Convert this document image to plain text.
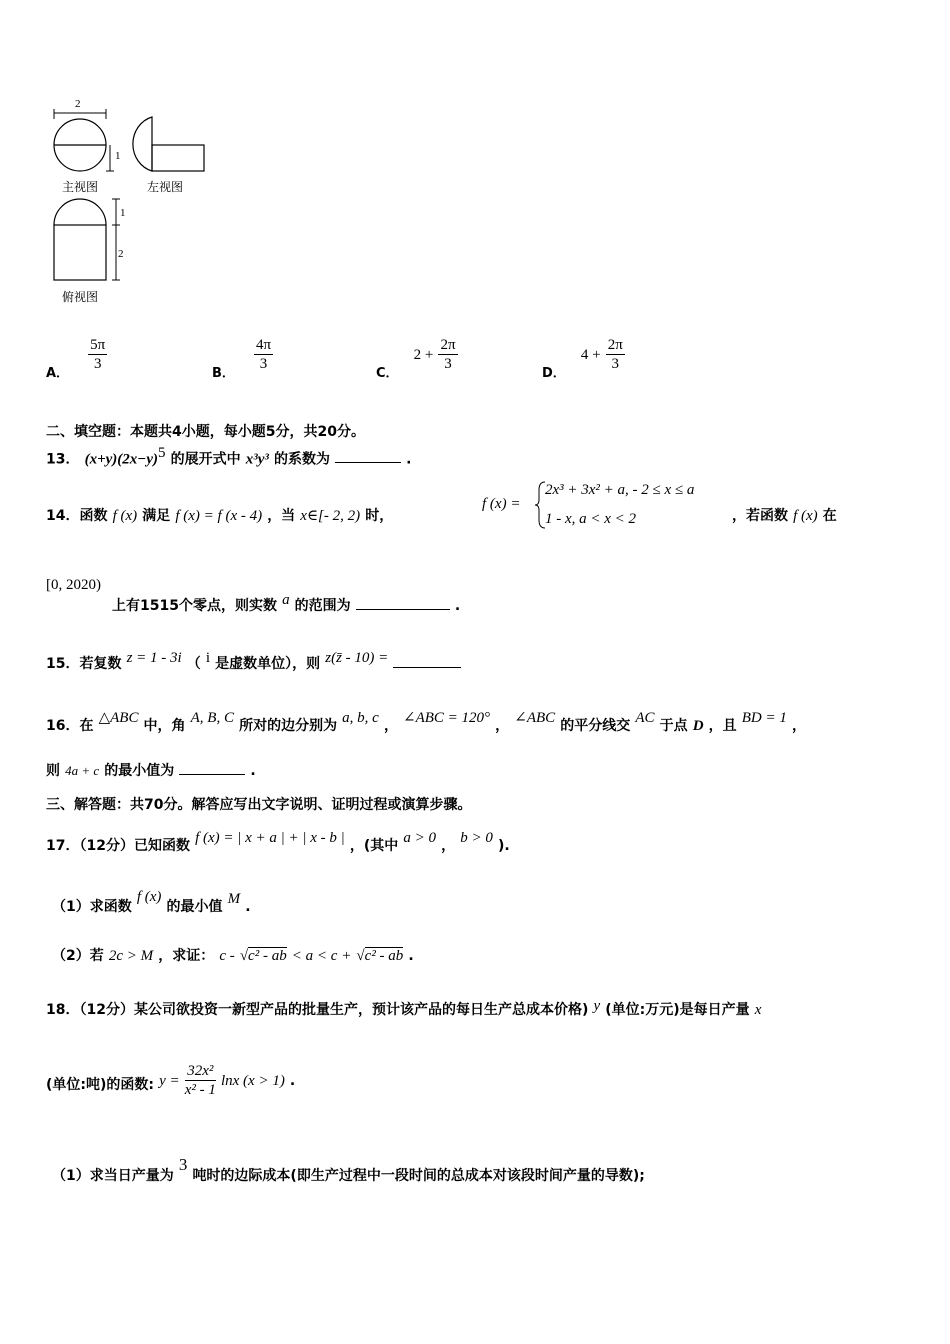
2
1
1
2
主视图	左视图
俯视图
$_{A.}$
$\frac{5\pi}{3}$
$_{B.}$
$\frac{4\pi}{3}$
$_{C.}$ $2 + \frac{2\pi}{3}$
$_{D.}$ $4 + \frac{2\pi}{3}$
二、填空题：本题共4小题，每小题5分，共20分。
13． $(x+y)(2x-y)^5$ 的展开式中 x³y³ 的系数为	.
14．函数 f (x) 满足 f (x) = f (x - 4) ，当 x∈[- 2, 2) 时，
f (x) =
2x³ + 3x² + a, - 2 ≤ x ≤ a
1 - x, a < x < 2	，若函数 f (x) 在
[0, 2020)
上有1515个零点，则实数 a 的范围为	.
15．若复数 z = 1 - 3i （ i 是虚数单位），则 z(z̄ - 10) =
16．在 △ABC 中，角 A, B, C 所对的边分别为 a, b, c ， ∠ABC = 120° ， ∠ABC 的平分线交 AC 于点 D ，且 BD = 1 ，
则 4a + c 的最小值为	.
三、解答题：共70分。解答应写出文字说明、证明过程或演算步骤。
17．（12分）已知函数 f (x) = | x + a | + | x - b | ，(其中 a > 0 ， b > 0 ).
（1）求函数 f (x) 的最小值 M .
（2）若 2c > M ，求证： c - √c² - ab < a < c + √c² - ab .
18．（12分）某公司欲投资一新型产品的批量生产，预计该产品的每日生产总成本价格) y (单位:万元)是每日产量 x
(单位:吨)的函数: $y = \frac{\text{32x²}}{\text{x² - 1}}$ lnx (x > 1) .
（1）求当日产量为 3 吨时的边际成本(即生产过程中一段时间的总成本对该段时间产量的导数);
